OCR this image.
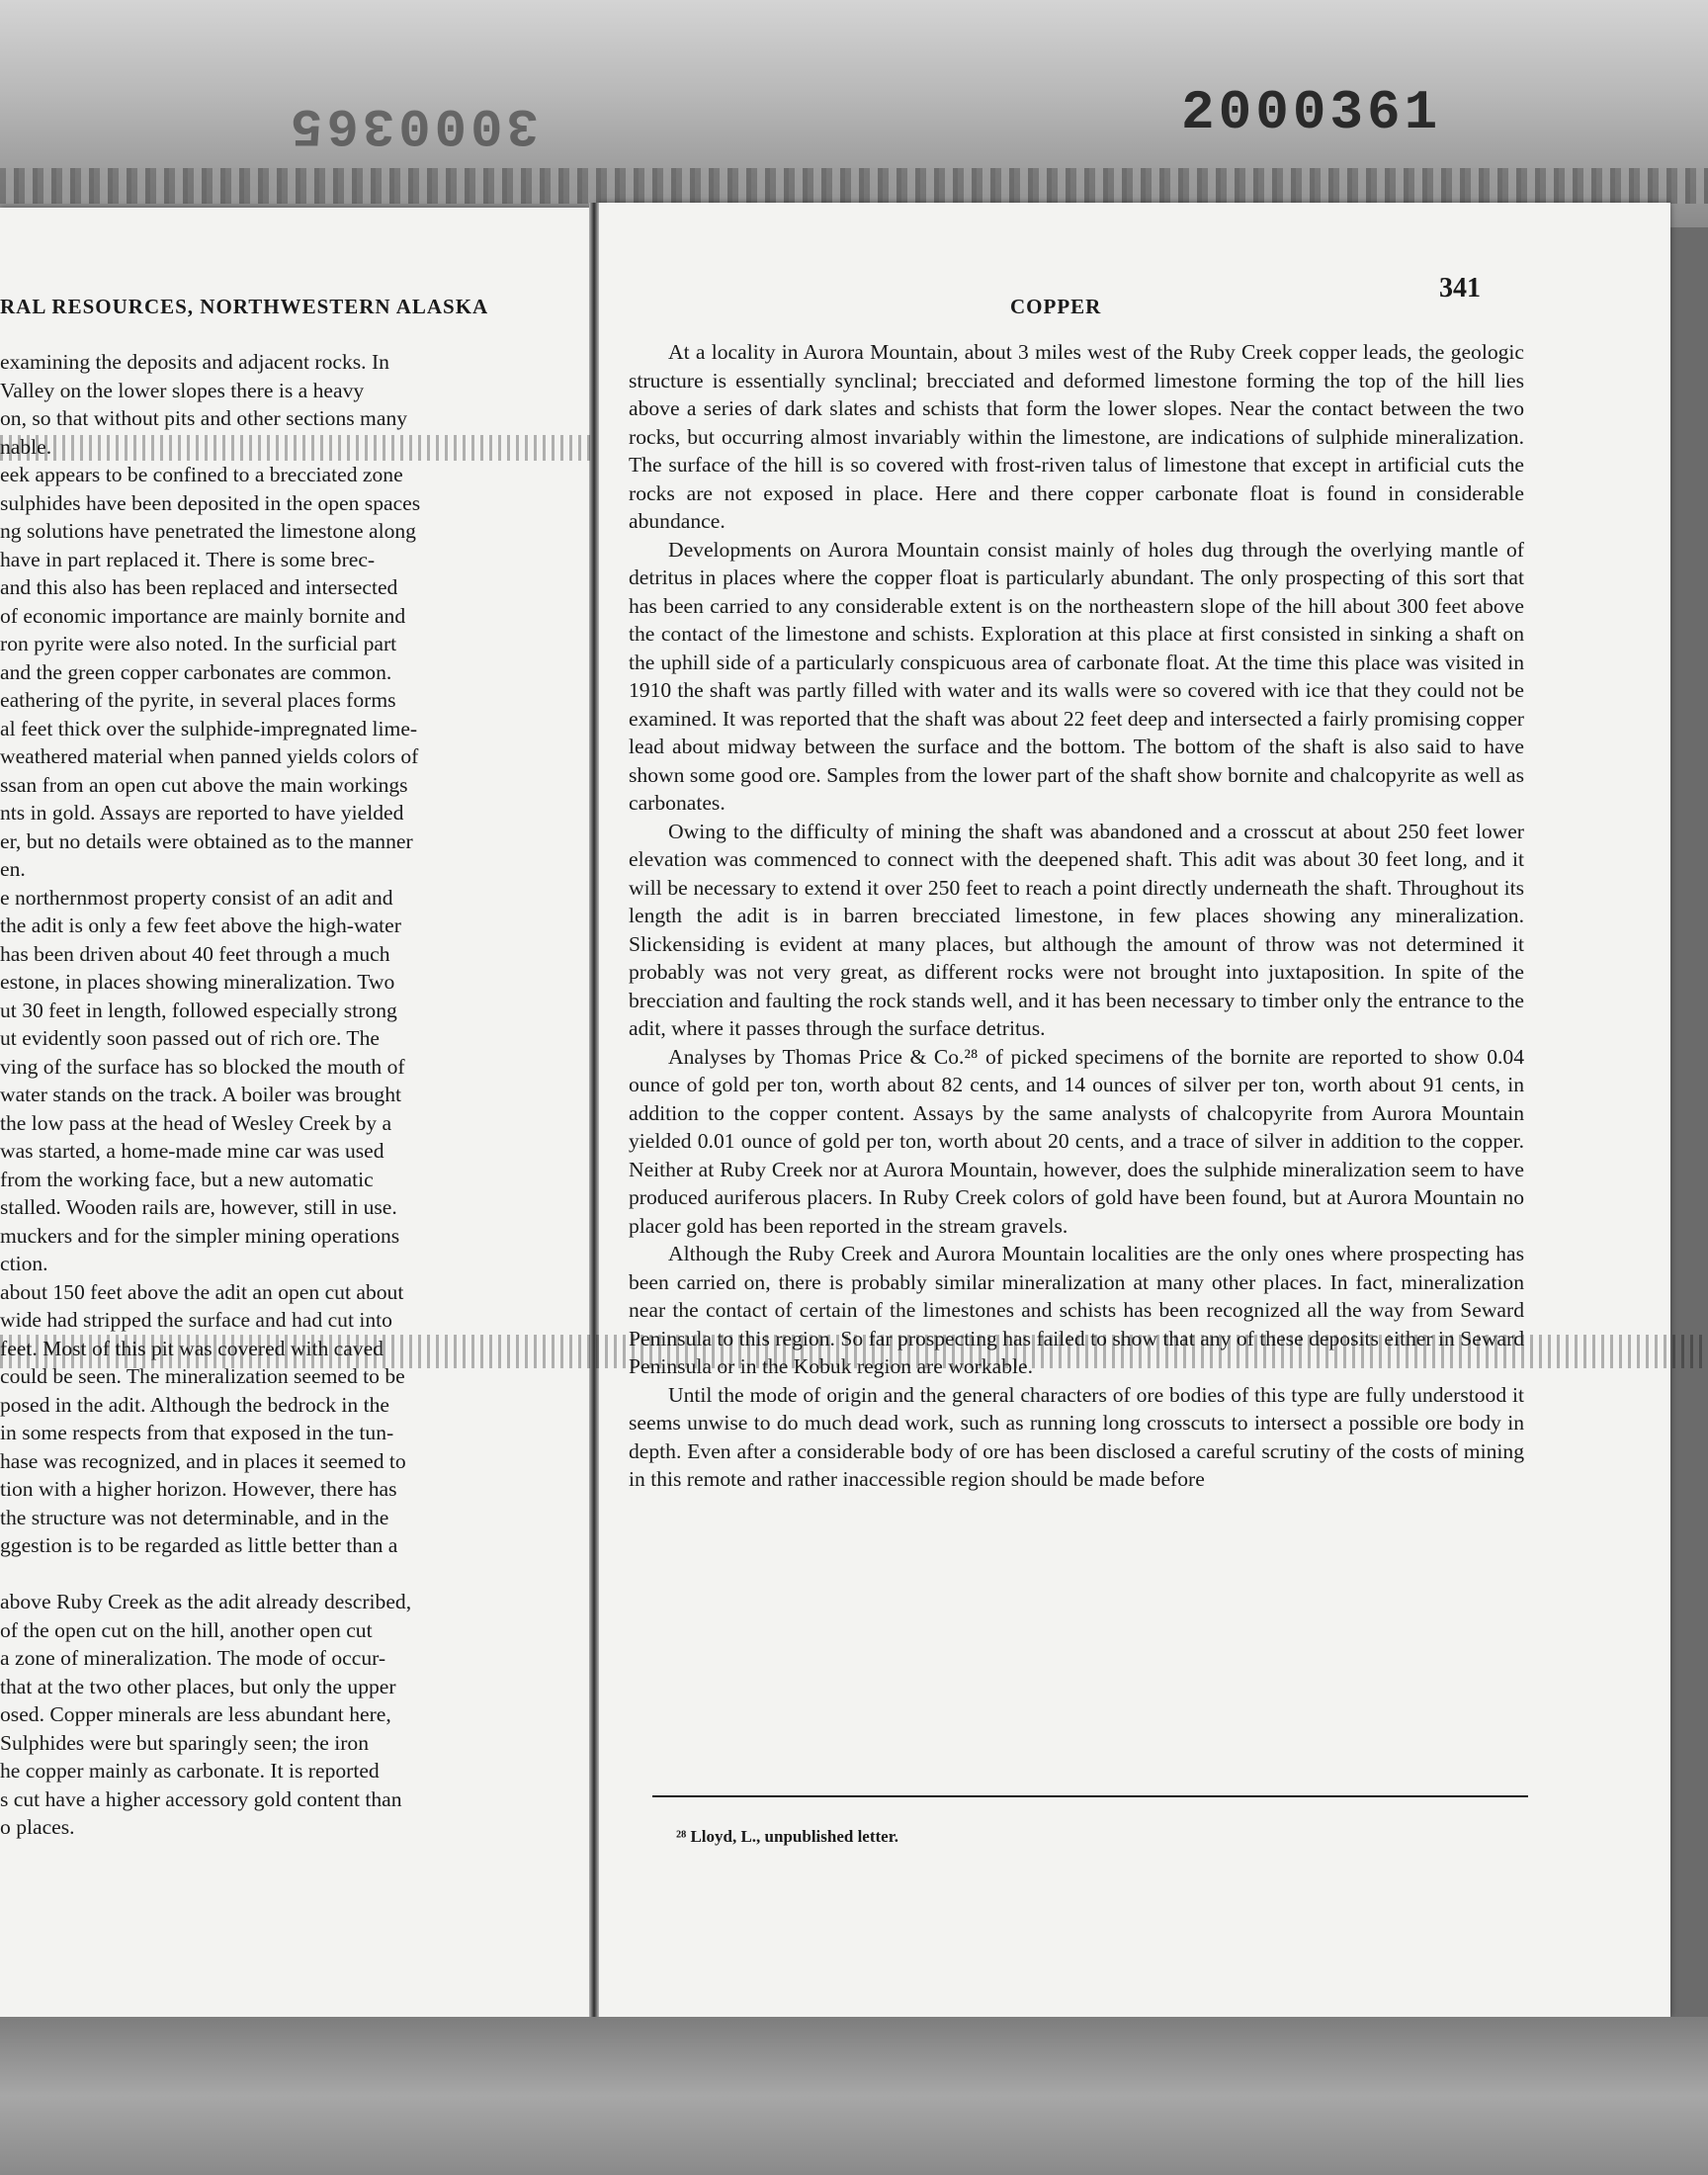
3000365	2000361
RAL RESOURCES, NORTHWESTERN ALASKA	COPPER
341

examining the deposits and adjacent rocks. In

Valley on the lower slopes there is a heavy

on, so that without pits and other sections many

nable.

eek appears to be confined to a brecciated zone

sulphides have been deposited in the open spaces

ng solutions have penetrated the limestone along

have in part replaced it. There is some brec-

and this also has been replaced and intersected

of economic importance are mainly bornite and

ron pyrite were also noted. In the surficial part

and the green copper carbonates are common.

eathering of the pyrite, in several places forms

al feet thick over the sulphide-impregnated lime-

weathered material when panned yields colors of

ssan from an open cut above the main workings

nts in gold. Assays are reported to have yielded

er, but no details were obtained as to the manner

en.

e northernmost property consist of an adit and

the adit is only a few feet above the high-water

has been driven about 40 feet through a much

estone, in places showing mineralization. Two

ut 30 feet in length, followed especially strong

ut evidently soon passed out of rich ore. The

ving of the surface has so blocked the mouth of

water stands on the track. A boiler was brought

the low pass at the head of Wesley Creek by a

was started, a home-made mine car was used

from the working face, but a new automatic

stalled. Wooden rails are, however, still in use.

muckers and for the simpler mining operations

ction.

about 150 feet above the adit an open cut about

wide had stripped the surface and had cut into

feet. Most of this pit was covered with caved

could be seen. The mineralization seemed to be

posed in the adit. Although the bedrock in the

in some respects from that exposed in the tun-

hase was recognized, and in places it seemed to

tion with a higher horizon. However, there has

the structure was not determinable, and in the

ggestion is to be regarded as little better than a

above Ruby Creek as the adit already described,

of the open cut on the hill, another open cut

a zone of mineralization. The mode of occur-

that at the two other places, but only the upper

osed. Copper minerals are less abundant here,

Sulphides were but sparingly seen; the iron

he copper mainly as carbonate. It is reported

s cut have a higher accessory gold content than

o places.

At a locality in Aurora Mountain, about 3 miles west of the Ruby Creek copper leads, the geologic structure is essentially synclinal; brecciated and deformed limestone forming the top of the hill lies above a series of dark slates and schists that form the lower slopes. Near the contact between the two rocks, but occurring almost invariably within the limestone, are indications of sulphide mineralization. The surface of the hill is so covered with frost-riven talus of limestone that except in artificial cuts the rocks are not exposed in place. Here and there copper carbonate float is found in considerable abundance.

Developments on Aurora Mountain consist mainly of holes dug through the overlying mantle of detritus in places where the copper float is particularly abundant. The only prospecting of this sort that has been carried to any considerable extent is on the northeastern slope of the hill about 300 feet above the contact of the limestone and schists. Exploration at this place at first consisted in sinking a shaft on the uphill side of a particularly conspicuous area of carbonate float. At the time this place was visited in 1910 the shaft was partly filled with water and its walls were so covered with ice that they could not be examined. It was reported that the shaft was about 22 feet deep and intersected a fairly promising copper lead about midway between the surface and the bottom. The bottom of the shaft is also said to have shown some good ore. Samples from the lower part of the shaft show bornite and chalcopyrite as well as carbonates.

Owing to the difficulty of mining the shaft was abandoned and a crosscut at about 250 feet lower elevation was commenced to connect with the deepened shaft. This adit was about 30 feet long, and it will be necessary to extend it over 250 feet to reach a point directly underneath the shaft. Throughout its length the adit is in barren brecciated limestone, in few places showing any mineralization. Slickensiding is evident at many places, but although the amount of throw was not determined it probably was not very great, as different rocks were not brought into juxtaposition. In spite of the brecciation and faulting the rock stands well, and it has been necessary to timber only the entrance to the adit, where it passes through the surface detritus.

Analyses by Thomas Price & Co.²⁸ of picked specimens of the bornite are reported to show 0.04 ounce of gold per ton, worth about 82 cents, and 14 ounces of silver per ton, worth about 91 cents, in addition to the copper content. Assays by the same analysts of chalcopyrite from Aurora Mountain yielded 0.01 ounce of gold per ton, worth about 20 cents, and a trace of silver in addition to the copper. Neither at Ruby Creek nor at Aurora Mountain, however, does the sulphide mineralization seem to have produced auriferous placers. In Ruby Creek colors of gold have been found, but at Aurora Mountain no placer gold has been reported in the stream gravels.

Although the Ruby Creek and Aurora Mountain localities are the only ones where prospecting has been carried on, there is probably similar mineralization at many other places. In fact, mineralization near the contact of certain of the limestones and schists has been recognized all the way from Seward Peninsula to this region. So far prospecting has failed to show that any of these deposits either in Seward Peninsula or in the Kobuk region are workable.

Until the mode of origin and the general characters of ore bodies of this type are fully understood it seems unwise to do much dead work, such as running long crosscuts to intersect a possible ore body in depth. Even after a considerable body of ore has been disclosed a careful scrutiny of the costs of mining in this remote and rather inaccessible region should be made before

²⁸ Lloyd, L., unpublished letter.
